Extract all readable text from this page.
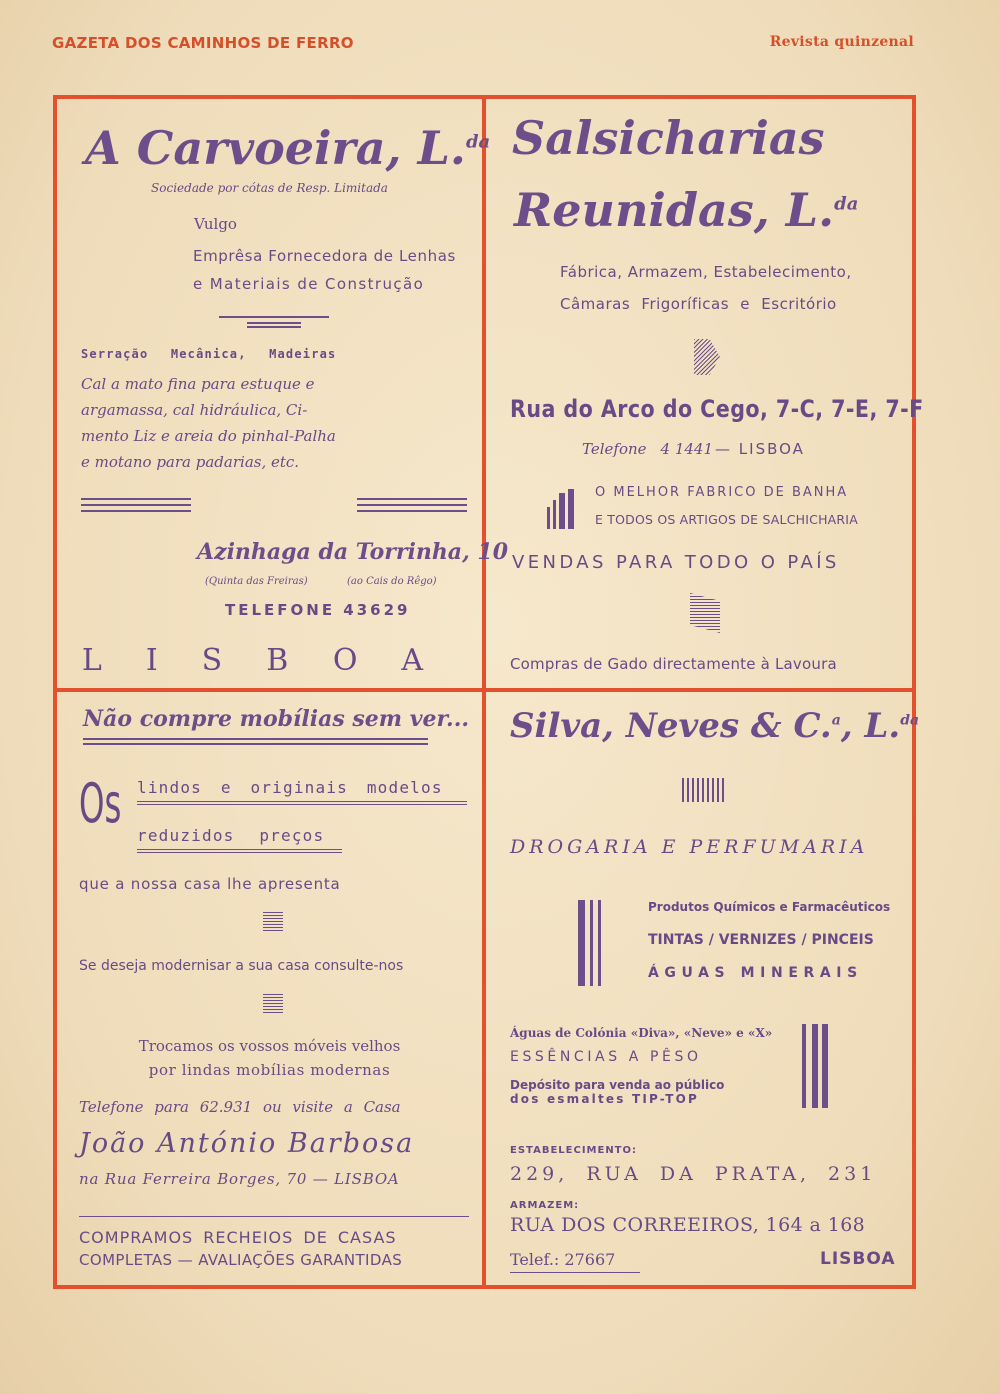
GAZETA DOS CAMINHOS DE FERRO	Revista quinzenal
A Carvoeira, L.$^{da}$
Sociedade por cótas de Resp. Limitada
Vulgo
Emprêsa Fornecedora de Lenhas
e Materiais de Construção
Serração Mecânica, Madeiras
Cal a mato fina para estuque e
argamassa, cal hidráulica, Ci-
mento Liz e areia do pinhal-Palha
e motano para padarias, etc.
Azinhaga da Torrinha, 10
(Quinta das Freiras)	(ao Cais do Rêgo)
TELEFONE 43629
LISBOA
Salsicharias
Reunidas, L.$^{da}$
Fábrica, Armazem, Estabelecimento,
Câmaras Frigoríficas e Escritório
Rua do Arco do Cego, 7-C, 7-E, 7-F
Telefone 4 1441 — LISBOA
O MELHOR FABRICO DE BANHA
E TODOS OS ARTIGOS DE SALCHICHARIA
VENDAS PARA TODO O PAÍS
Compras de Gado directamente à Lavoura
Não compre mobílias sem ver...
Os lindos e originais modelos
reduzidos preços
que a nossa casa lhe apresenta
Se deseja modernisar a sua casa consulte-nos
Trocamos os vossos móveis velhos
por lindas mobílias modernas
Telefone para 62.931 ou visite a Casa
João António Barbosa
na Rua Ferreira Borges, 70 — LISBOA
COMPRAMOS RECHEIOS DE CASAS
COMPLETAS — AVALIAÇÕES GARANTIDAS
Silva, Neves & C.$^a$, L.$^{da}$
DROGARIA E PERFUMARIA
Produtos Químicos e Farmacêuticos
TINTAS / VERNIZES / PINCEIS
ÁGUAS MINERAIS
Águas de Colónia «Diva», «Neve» e «X»
ESSÊNCIAS A PÊSO
Depósito para venda ao público
dos esmaltes TIP-TOP
ESTABELECIMENTO:
229, RUA DA PRATA, 231
ARMAZEM:
RUA DOS CORREEIROS, 164 a 168
Telef.: 27667	LISBOA
